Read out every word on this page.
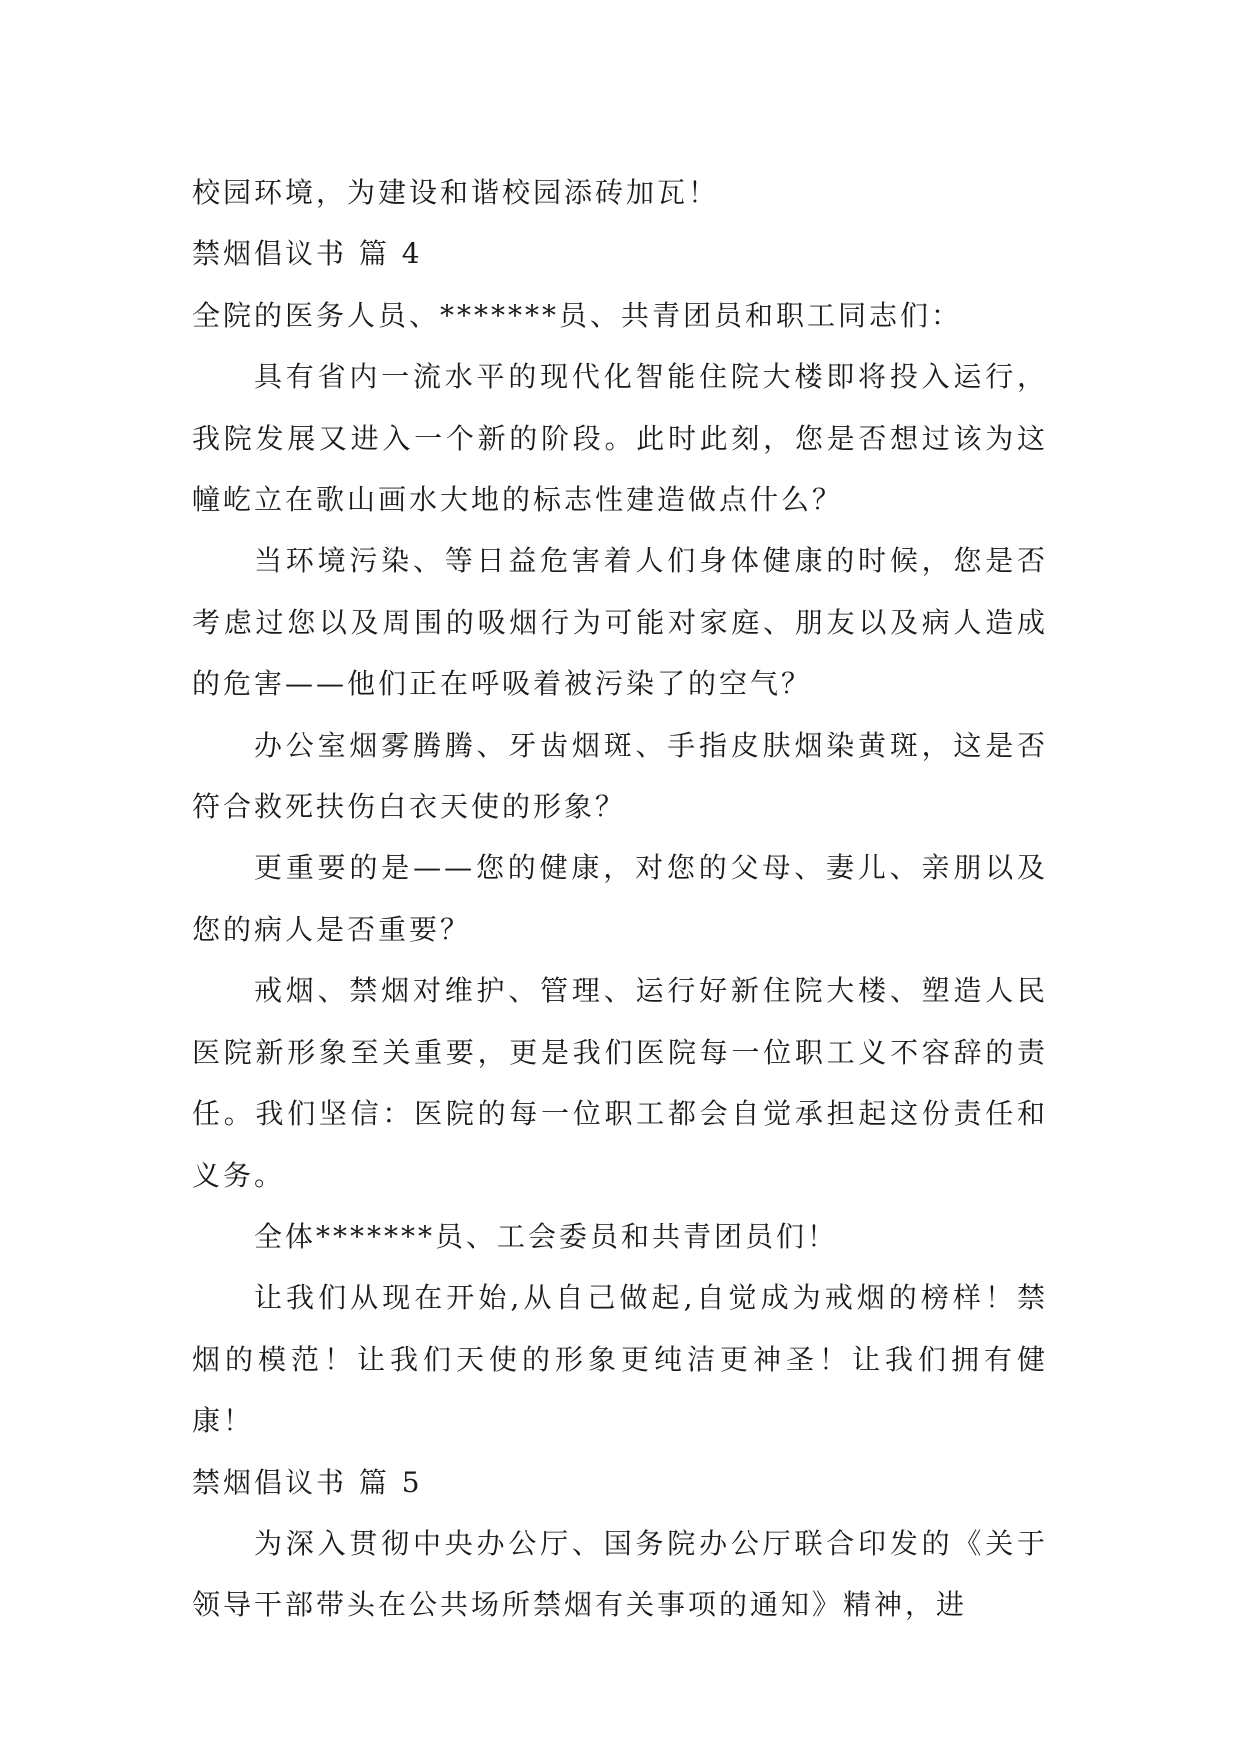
校园环境，为建设和谐校园添砖加瓦！

禁烟倡议书 篇 4

全院的医务人员、*******员、共青团员和职工同志们：

具有省内一流水平的现代化智能住院大楼即将投入运行，我院发展又进入一个新的阶段。此时此刻，您是否想过该为这幢屹立在歌山画水大地的标志性建造做点什么？

当环境污染、等日益危害着人们身体健康的时候，您是否考虑过您以及周围的吸烟行为可能对家庭、朋友以及病人造成的危害——他们正在呼吸着被污染了的空气？

办公室烟雾腾腾、牙齿烟斑、手指皮肤烟染黄斑，这是否符合救死扶伤白衣天使的形象？

更重要的是——您的健康，对您的父母、妻儿、亲朋以及您的病人是否重要？

戒烟、禁烟对维护、管理、运行好新住院大楼、塑造人民医院新形象至关重要，更是我们医院每一位职工义不容辞的责任。我们坚信：医院的每一位职工都会自觉承担起这份责任和义务。

全体*******员、工会委员和共青团员们！

让我们从现在开始,从自己做起,自觉成为戒烟的榜样！禁烟的模范！让我们天使的形象更纯洁更神圣！让我们拥有健康！

禁烟倡议书 篇 5

为深入贯彻中央办公厅、国务院办公厅联合印发的《关于领导干部带头在公共场所禁烟有关事项的通知》精神，进
